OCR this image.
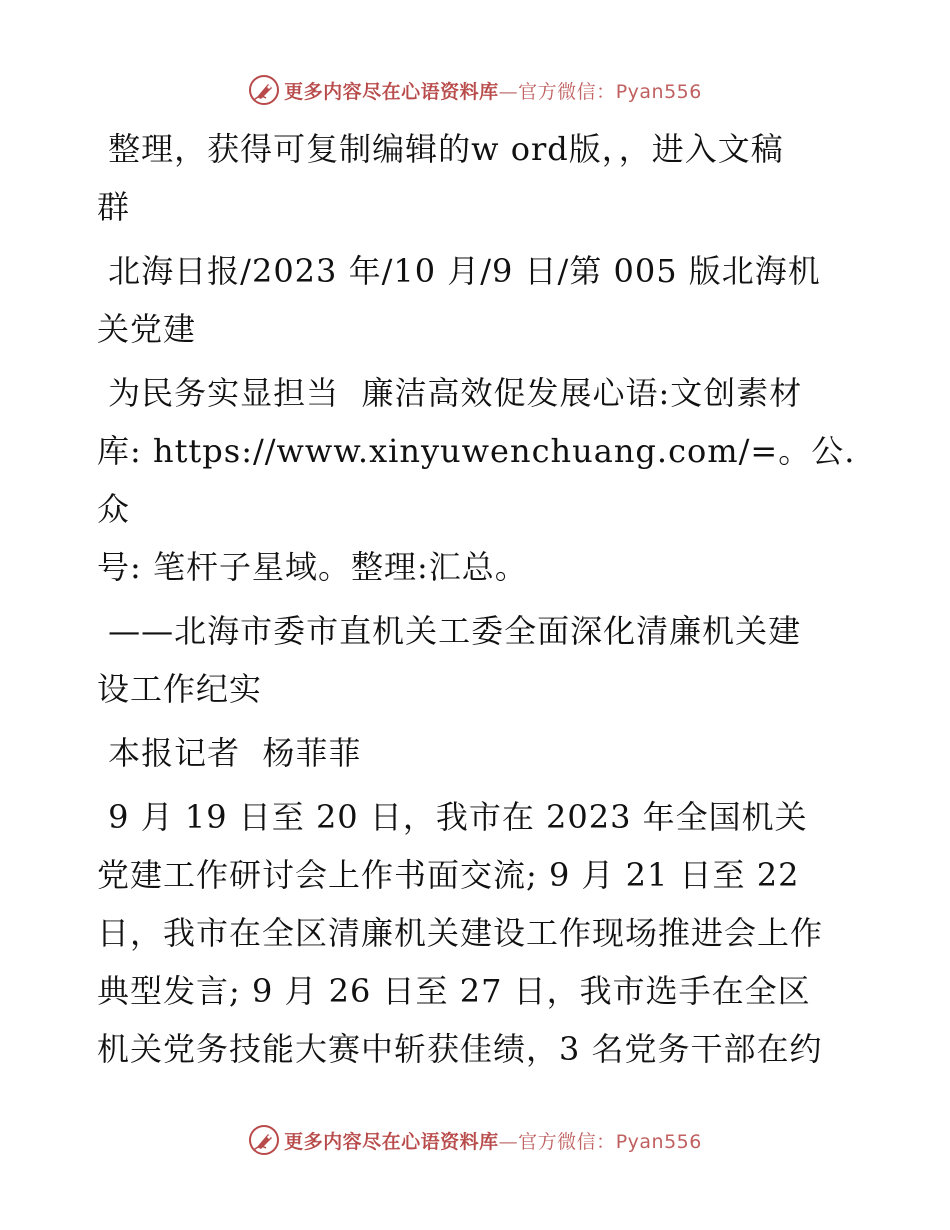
更多内容尽在心语资料库—官方微信：Pyan556

整理，获得可复制编辑的w ord版，，进入文稿
群

北海日报/2023 年/10 月/9 日/第 005 版北海机
关党建

为民务实显担当  廉洁高效促发展心语:文创素材
库: https://www.xinyuwenchuang.com/=。公.众
号: 笔杆子星域。整理:汇总。

——北海市委市直机关工委全面深化清廉机关建
设工作纪实

本报记者  杨菲菲

9 月 19 日至 20 日，我市在 2023 年全国机关
党建工作研讨会上作书面交流; 9 月 21 日至 22
日，我市在全区清廉机关建设工作现场推进会上作
典型发言; 9 月 26 日至 27 日，我市选手在全区
机关党务技能大赛中斩获佳绩，3 名党务干部在约

更多内容尽在心语资料库—官方微信：Pyan556
